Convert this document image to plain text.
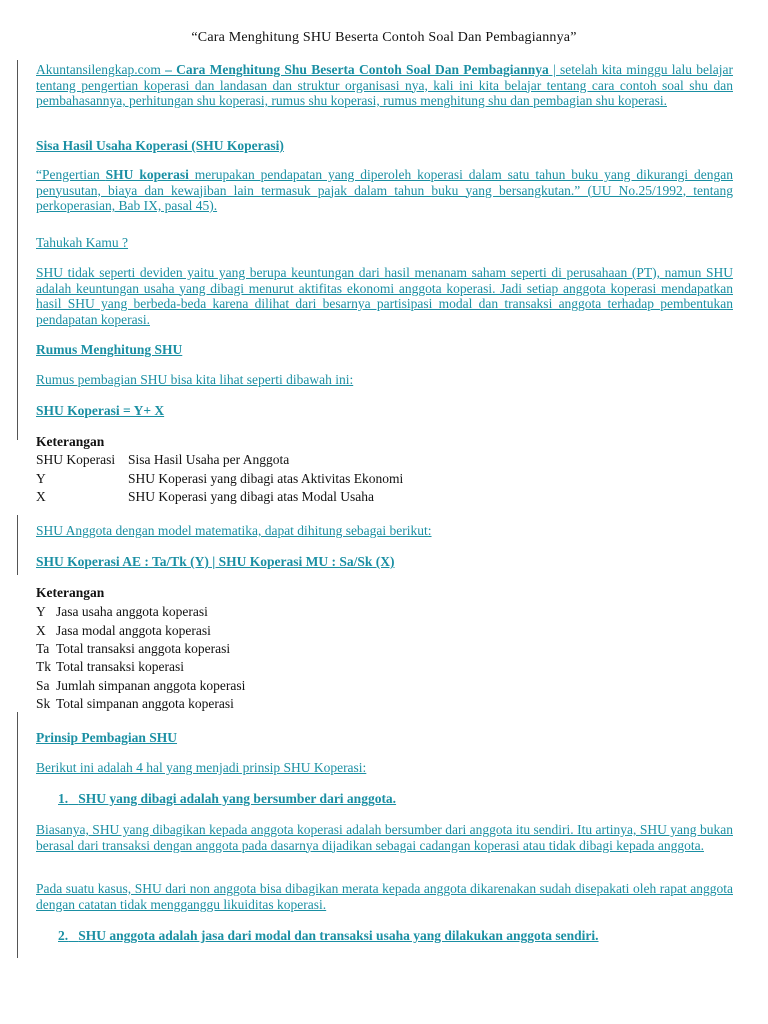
“Cara Menghitung SHU Beserta Contoh Soal Dan Pembagiannya”
Akuntansilengkap.com – Cara Menghitung Shu Beserta Contoh Soal Dan Pembagiannya | setelah kita minggu lalu belajar tentang pengertian koperasi dan landasan dan struktur organisasi nya, kali ini kita belajar tentang cara contoh soal shu dan pembahasannya, perhitungan shu koperasi, rumus shu koperasi, rumus menghitung shu dan pembagian shu koperasi.
Sisa Hasil Usaha Koperasi (SHU Koperasi)
“Pengertian SHU koperasi merupakan pendapatan yang diperoleh koperasi dalam satu tahun buku yang dikurangi dengan penyusutan, biaya dan kewajiban lain termasuk pajak dalam tahun buku yang bersangkutan.” (UU No.25/1992, tentang perkoperasian, Bab IX, pasal 45).
Tahukah Kamu ?
SHU tidak seperti deviden yaitu yang berupa keuntungan dari hasil menanam saham seperti di perusahaan (PT), namun SHU adalah keuntungan usaha yang dibagi menurut aktifitas ekonomi anggota koperasi. Jadi setiap anggota koperasi mendapatkan hasil SHU yang berbeda-beda karena dilihat dari besarnya partisipasi modal dan transaksi anggota terhadap pembentukan pendapatan koperasi.
Rumus Menghitung SHU
Rumus pembagian SHU bisa kita lihat seperti dibawah ini:
SHU Koperasi = Y+ X
Keterangan
SHU Koperasi Sisa Hasil Usaha per Anggota
Y	SHU Koperasi yang dibagi atas Aktivitas Ekonomi
X	SHU Koperasi yang dibagi atas Modal Usaha
SHU Anggota dengan model matematika, dapat dihitung sebagai berikut:
SHU Koperasi AE : Ta/Tk (Y) | SHU Koperasi MU : Sa/Sk (X)
Keterangan
Y Jasa usaha anggota koperasi
X Jasa modal anggota koperasi
Ta Total transaksi anggota koperasi
Tk Total transaksi koperasi
Sa Jumlah simpanan anggota koperasi
Sk Total simpanan anggota koperasi
Prinsip Pembagian SHU
Berikut ini adalah 4 hal yang menjadi prinsip SHU Koperasi:
1. SHU yang dibagi adalah yang bersumber dari anggota.
Biasanya, SHU yang dibagikan kepada anggota koperasi adalah bersumber dari anggota itu sendiri. Itu artinya, SHU yang bukan berasal dari transaksi dengan anggota pada dasarnya dijadikan sebagai cadangan koperasi atau tidak dibagi kepada anggota.
Pada suatu kasus, SHU dari non anggota bisa dibagikan merata kepada anggota dikarenakan sudah disepakati oleh rapat anggota dengan catatan tidak mengganggu likuiditas koperasi.
2. SHU anggota adalah jasa dari modal dan transaksi usaha yang dilakukan anggota sendiri.
